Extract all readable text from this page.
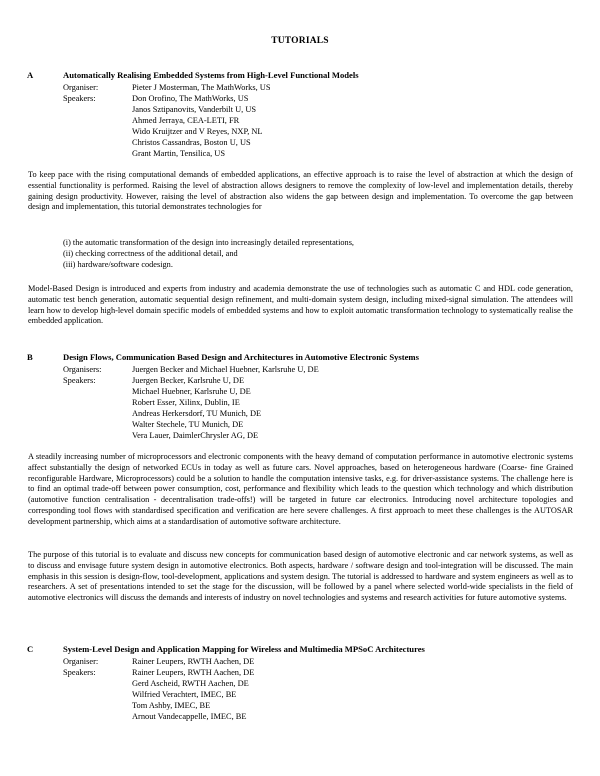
TUTORIALS
A	Automatically Realising Embedded Systems from High-Level Functional Models
Organiser:	Pieter J Mosterman, The MathWorks, US
Speakers:	Don Orofino, The MathWorks, US
Janos Sztipanovits, Vanderbilt U, US
Ahmed Jerraya, CEA-LETI, FR
Wido Kruijtzer and V Reyes, NXP, NL
Christos Cassandras, Boston U, US
Grant Martin, Tensilica, US
To keep pace with the rising computational demands of embedded applications, an effective approach is to raise the level of abstraction at which the design of essential functionality is performed. Raising the level of abstraction allows designers to remove the complexity of low-level and implementation details, thereby gaining design productivity. However, raising the level of abstraction also widens the gap between design and implementation. To overcome the gap between design and implementation, this tutorial demonstrates technologies for
(i) the automatic transformation of the design into increasingly detailed representations,
(ii) checking correctness of the additional detail, and
(iii) hardware/software codesign.
Model-Based Design is introduced and experts from industry and academia demonstrate the use of technologies such as automatic C and HDL code generation, automatic test bench generation, automatic sequential design refinement, and multi-domain system design, including mixed-signal simulation. The attendees will learn how to develop high-level domain specific models of embedded systems and how to exploit automatic transformation technology to systematically realise the embedded application.
B	Design Flows, Communication Based Design and Architectures in Automotive Electronic Systems
Organisers:	Juergen Becker and Michael Huebner, Karlsruhe U, DE
Speakers:	Juergen Becker, Karlsruhe U, DE
Michael Huebner, Karlsruhe U, DE
Robert Esser, Xilinx, Dublin, IE
Andreas Herkersdorf, TU Munich, DE
Walter Stechele, TU Munich, DE
Vera Lauer, DaimlerChrysler AG, DE
A steadily increasing number of microprocessors and electronic components with the heavy demand of computation performance in automotive electronic systems affect substantially the design of networked ECUs in today as well as future cars. Novel approaches, based on heterogeneous hardware (Coarse- fine Grained reconfigurable Hardware, Microprocessors) could be a solution to handle the computation intensive tasks, e.g. for driver-assistance systems. The challenge here is to find an optimal trade-off between power consumption, cost, performance and flexibility which leads to the question which technology and which distribution (automotive function centralisation - decentralisation trade-offs!) will be targeted in future car electronics. Introducing novel architecture topologies and corresponding tool flows with standardised specification and verification are here severe challenges. A first approach to meet these challenges is the AUTOSAR development partnership, which aims at a standardisation of automotive software architecture.
The purpose of this tutorial is to evaluate and discuss new concepts for communication based design of automotive electronic and car network systems, as well as to discuss and envisage future system design in automotive electronics. Both aspects, hardware / software design and tool-integration will be discussed. The main emphasis in this session is design-flow, tool-development, applications and system design. The tutorial is addressed to hardware and system engineers as well as to researchers. A set of presentations intended to set the stage for the discussion, will be followed by a panel where selected world-wide specialists in the field of automotive electronics will discuss the demands and interests of industry on novel technologies and systems and research activities for future automotive systems.
C	System-Level Design and Application Mapping for Wireless and Multimedia MPSoC Architectures
Organiser:	Rainer Leupers, RWTH Aachen, DE
Speakers:	Rainer Leupers, RWTH Aachen, DE
Gerd Ascheid, RWTH Aachen, DE
Wilfried Verachtert, IMEC, BE
Tom Ashby, IMEC, BE
Arnout Vandecappelle, IMEC, BE
